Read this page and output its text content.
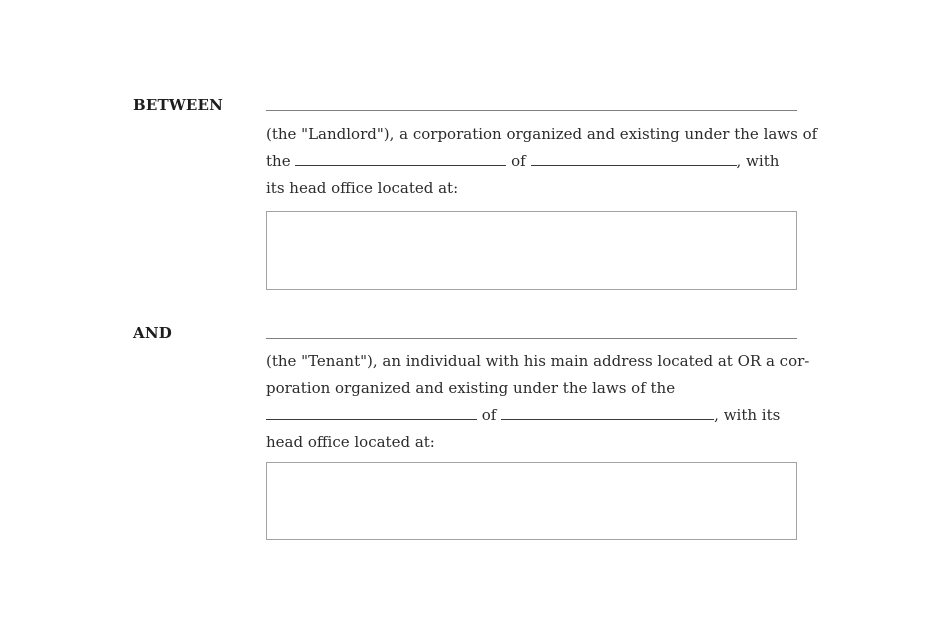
BETWEEN
(the "Landlord"), a corporation organized and existing under the laws of
the	of	, with
its head office located at:
AND
(the "Tenant"), an individual with his main address located at OR a cor-
poration organized and existing under the laws of the
of	, with its
head office located at:
